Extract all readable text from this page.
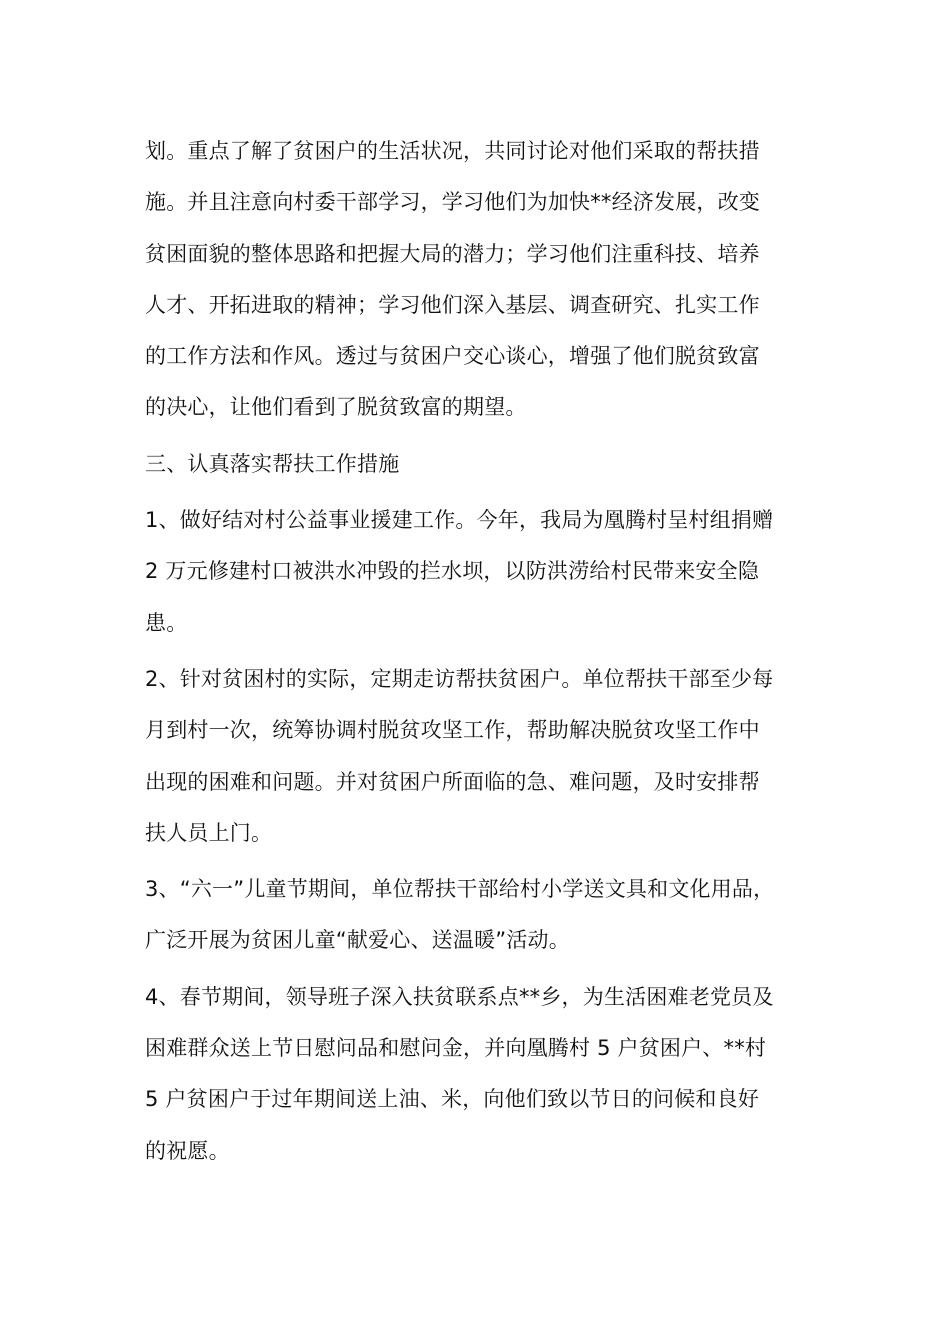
划。重点了解了贫困户的生活状况，共同讨论对他们采取的帮扶措
施。并且注意向村委干部学习，学习他们为加快**经济发展，改变
贫困面貌的整体思路和把握大局的潜力；学习他们注重科技、培养
人才、开拓进取的精神；学习他们深入基层、调查研究、扎实工作
的工作方法和作风。透过与贫困户交心谈心，增强了他们脱贫致富
的决心，让他们看到了脱贫致富的期望。
三、认真落实帮扶工作措施
1、做好结对村公益事业援建工作。今年，我局为凰腾村呈村组捐赠
2 万元修建村口被洪水冲毁的拦水坝，以防洪涝给村民带来安全隐
患。
2、针对贫困村的实际，定期走访帮扶贫困户。单位帮扶干部至少每
月到村一次，统筹协调村脱贫攻坚工作，帮助解决脱贫攻坚工作中
出现的困难和问题。并对贫困户所面临的急、难问题，及时安排帮
扶人员上门。
3、“六一”儿童节期间，单位帮扶干部给村小学送文具和文化用品，
广泛开展为贫困儿童“献爱心、送温暖”活动。
4、春节期间，领导班子深入扶贫联系点**乡，为生活困难老党员及
困难群众送上节日慰问品和慰问金，并向凰腾村 5 户贫困户、**村
5 户贫困户于过年期间送上油、米，向他们致以节日的问候和良好
的祝愿。
